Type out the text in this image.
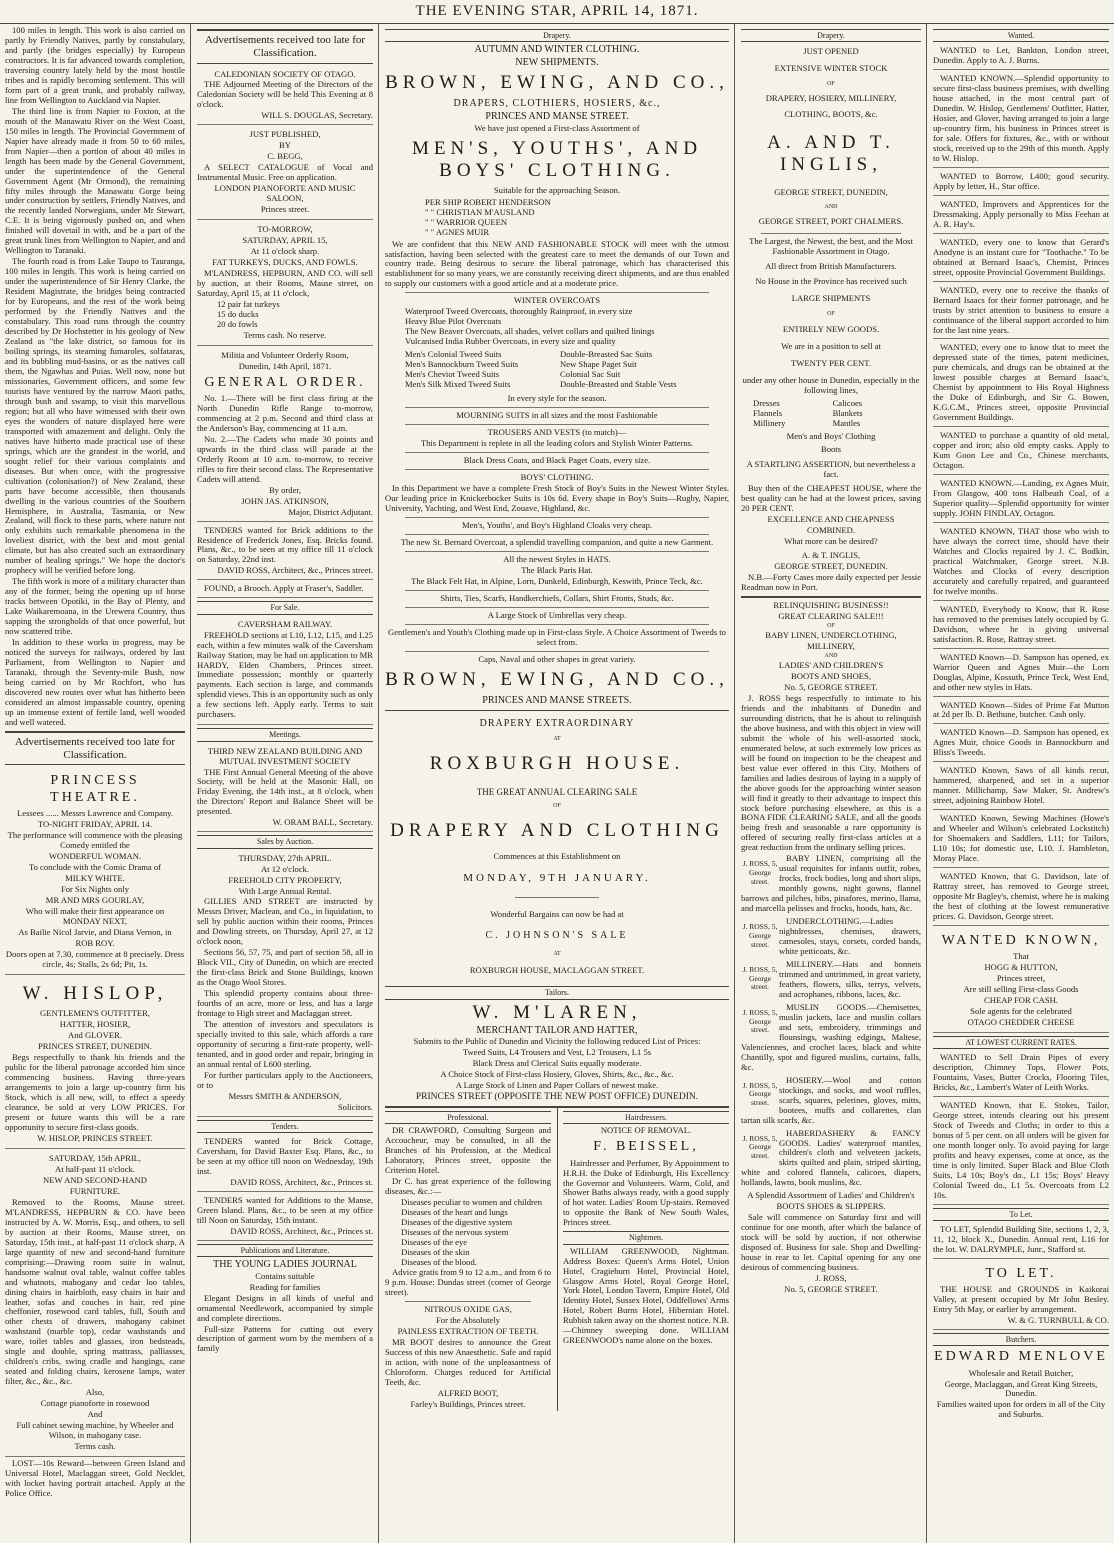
THE EVENING STAR, APRIL 14, 1871.

100 miles in length. This work is also carried on partly by Friendly Natives, partly by constabulary, and partly (the bridges especially) by European constructors. It is far advanced towards completion, traversing country lately held by the most hostile tribes and is rapidly becoming settlement. This will form part of a great trunk, and probably railway, line from Wellington to Auckland via Napier.

The third line is from Napier to Foxton, at the mouth of the Manawatu River on the West Coast, 150 miles in length. The Provincial Government of Napier have already made it from 50 to 60 miles, from Napier—then a portion of about 40 miles in length has been made by the General Government, under the superintendence of the General Government Agent (Mr Ormond), the remaining fifty miles through the Manawatu Gorge being under construction by settlers, Friendly Natives, and the recently landed Norwegians, under Mr Stewart, C.E. It is being vigorously pushed on, and when finished will dovetail in with, and be a part of the great trunk lines from Wellington to Napier, and and Wellington to Taranaki.

The fourth road is from Lake Taupo to Tauranga, 100 miles in length. This work is being carried on under the superintendence of Sir Henry Clarke, the Resident Magistrate, the bridges being contracted for by Europeans, and the rest of the work being performed by the Friendly Natives and the constabulary. This road runs through the country described by Dr Hochstetter in his geology of New Zealand as "the lake district, so famous for its boiling springs, its steaming fumaroles, solfataras, and its bubbling mud-basins, or as the natives call them, the Ngawhas and Puias. Well now, none but missionaries, Government officers, and some few tourists have ventured by the narrow Maori paths, through bush and swamp, to visit this marvellous region; but all who have witnessed with their own eyes the wonders of nature displayed here were transported with amazement and delight. Only the natives have hitherto made practical use of these springs, which are the grandest in the world, and sought relief for their various complaints and diseases. But when once, with the progressive cultivation (colonisation?) of New Zealand, these parts have become accessible, then thousands dwelling in the various countries of the Southern Hemisphere, in Australia, Tasmania, or New Zealand, will flock to these parts, where nature not only exhibits such remarkable phenomena in the loveliest district, with the best and most genial climate, but has also created such an extraordinary number of healing springs." We hope the doctor's prophecy will be verified before long.

The fifth work is more of a military character than any of the former, being the opening up of horse tracks between Opotiki, in the Bay of Plenty, and Lake Waikaremoana, in the Urewera Country, thus sapping the strongholds of that once powerful, but now scattered tribe.

In addition to these works in progress, may be noticed the surveys for railways, ordered by last Parliament, from Wellington to Napier and Taranaki, through the Seventy-mile Bush, now being carried on by Mr Rochfort, who has discovered new routes over what has hitherto been considered an almost impassable country, opening up an immense extent of fertile land, well wooded and well watered.

Advertisements received too late for Classification.
PRINCESS THEATRE.
Lessees ...... Messrs Lawrence and Company.
TO-NIGHT FRIDAY, APRIL 14.
The performance will commence with the pleasing Comedy entitled the
WONDERFUL WOMAN.
To conclude with the Comic Drama of
MILKY WHITE.
For Six Nights only
MR AND MRS GOURLAY,
Who will make their first appearance on
MONDAY NEXT,
As Bailie Nicol Jarvie, and Diana Vernon, in
ROB ROY.
Doors open at 7.30, commence at 8 precisely. Dress circle, 4s; Stalls, 2s 6d; Pit, 1s.
W. HISLOP,
GENTLEMEN'S OUTFITTER,
HATTER, HOSIER,
And GLOVER.
PRINCES STREET, DUNEDIN.

Begs respectfully to thank his friends and the public for the liberal patronage accorded him since commencing business. Having three-years arrangements to join a large up-country firm his Stock, which is all new, will, to effect a speedy clearance, be sold at very LOW PRICES. For present or future wants this will be a rare opportunity to secure first-class goods.

W. HISLOP, PRINCES STREET.
SATURDAY, 15th APRIL,
At half-past 11 o'clock.
NEW AND SECOND-HAND
FURNITURE.

Removed to the Rooms, Mause street. M'LANDRESS, HEPBURN & CO. have been instructed by A. W. Morris, Esq., and others, to sell by auction at their Rooms, Mause street, on Saturday, 15th inst., at half-past 11 o'clock sharp, A large quantity of new and second-hand furniture comprising:—Drawing room suite in walnut, handsome walnut oval table, walnut coffee tables and whatnots, mahogany and cedar loo tables, dining chairs in hairbloth, easy chairs in hair and leather, sofas and couches in hair, red pine cheffonier, rosewood card tables, full, South and other chests of drawers, mahogany cabinet washstand (marble top), cedar washstands and ware, toilet tables and glasses, iron bedsteads, single and double, spring mattrass, palliasses, children's cribs, swing cradle and hangings, cane seated and folding chairs, kerosene lamps, water filter, &c., &c., &c.

Also,
Cottage pianoforte in rosewood
And
Full cabinet sewing machine, by Wheeler and Wilson, in mahogany case.
Terms cash.

LOST—10s Reward—between Green Island and Universal Hotel, Maclaggan street, Gold Necklet, with locket having portrait attached. Apply at the Police Office.

Advertisements received too late for Classification.
CALEDONIAN SOCIETY OF OTAGO.

THE Adjourned Meeting of the Directors of the Caledonian Society will be held This Evening at 8 o'clock.

WILL S. DOUGLAS, Secretary.
JUST PUBLISHED,
BY
C. BEGG,

A SELECT CATALOGUE of Vocal and Instrumental Music. Free on application.

LONDON PIANOFORTE AND MUSIC SALOON,
Princes street.
TO-MORROW,
SATURDAY, APRIL 15,
At 11 o'clock sharp.
FAT TURKEYS, DUCKS, AND FOWLS.

M'LANDRESS, HEPBURN, AND CO. will sell by auction, at their Rooms, Mause street, on Saturday, April 15, at 11 o'clock,

12 pair fat turkeys
15 do ducks
20 do fowls
Terms cash. No reserve.
Militia and Volunteer Orderly Room,
Dunedin, 14th April, 1871.
GENERAL ORDER.

No. 1.—There will be first class firing at the North Dunedin Rifle Range to-morrow, commencing at 2 p.m. Second and third class at the Anderson's Bay, commencing at 11 a.m.

No. 2.—The Cadets who made 30 points and upwards in the third class will parade at the Orderly Room at 10 a.m. to-morrow, to receive rifles to fire their second class. The Representative Cadets will attend.

By order,
JOHN JAS. ATKINSON,
Major, District Adjutant.

TENDERS wanted for Brick additions to the Residence of Frederick Jones, Esq. Bricks found. Plans, &c., to be seen at my office till 11 o'clock on Saturday, 22nd inst.

DAVID ROSS, Architect, &c., Princes street.

FOUND, a Brooch. Apply at Fraser's, Saddler.

For Sale.
CAVERSHAM RAILWAY.

FREEHOLD sections at L10, L12, L15, and L25 each, within a few minutes walk of the Caversham Railway Station, may be had on application to MR HARDY, Elden Chambers, Princes street. Immediate possession; monthly or quarterly payments. Each section is large, and commands splendid views. This is an opportunity such as only a few sections left. Apply early. Terms to suit purchasers.

Meetings.
THIRD NEW ZEALAND BUILDING AND MUTUAL INVESTMENT SOCIETY

THE First Annual General Meeting of the above Society, will be held at the Masonic Hall, on Friday Evening, the 14th inst., at 8 o'clock, when the Directors' Report and Balance Sheet will be presented.

W. ORAM BALL, Secretary.
Sales by Auction.
THURSDAY, 27th APRIL.
At 12 o'clock.
FREEHOLD CITY PROPERTY,
With Large Annual Rental.

GILLIES AND STREET are instructed by Messrs Driver, Maclean, and Co., in liquidation, to sell by public auction within their rooms, Princes and Dowling streets, on Thursday, April 27, at 12 o'clock noon,

Sections 56, 57, 75, and part of section 58, all in Block VII., City of Dunedin, on which are erected the first-class Brick and Stone Buildings, known as the Otago Wool Stores.

This splendid property contains about three-fourths of an acre, more or less, and has a large frontage to High street and Maclaggan street.

The attention of investors and speculators is specially invited to this sale, which affords a rare opportunity of securing a first-rate property, well-tenanted, and in good order and repair, bringing in an annual rental of L600 sterling.

For further particulars apply to the Auctioneers, or to

Messrs SMITH & ANDERSON,
Solicitors.
Tenders.

TENDERS wanted for Brick Cottage, Caversham, for David Baxter Esq. Plans, &c., to be seen at my office till noon on Wednesday, 19th inst.

DAVID ROSS, Architect, &c., Princes st.

TENDERS wanted for Additions to the Manse, Green Island. Plans, &c., to be seen at my office till Noon on Saturday, 15th instant.

DAVID ROSS, Architect, &c., Princes st.
Publications and Literature.
THE YOUNG LADIES JOURNAL
Contains suitable
Reading for families

Elegant Designs in all kinds of useful and ornamental Needlework, accompanied by simple and complete directions.

Full-size Patterns for cutting out every description of garment worn by the members of a family

Drapery.
AUTUMN AND WINTER CLOTHING.
NEW SHIPMENTS.
BROWN, EWING, AND CO.,
DRAPERS, CLOTHIERS, HOSIERS, &c.,
PRINCES AND MANSE STREET.
We have just opened a First-class Assortment of
MEN'S, YOUTHS', AND BOYS' CLOTHING.
Suitable for the approaching Season.
PER SHIP ROBERT HENDERSON
" " CHRISTIAN M'AUSLAND
" " WARRIOR QUEEN
" " AGNES MUIR

We are confident that this NEW AND FASHIONABLE STOCK will meet with the utmost satisfaction, having been selected with the greatest care to meet the demands of our Town and country trade. Being desirous to secure the liberal patronage, which has characterised this establishment for so many years, we are constantly receiving direct shipments, and are thus enabled to supply our customers with a good article and at a moderate price.

WINTER OVERCOATS
Waterproof Tweed Overcoats, thoroughly Rainproof, in every size
Heavy Blue Pilot Overcoats
The New Beaver Overcoats, all shades, velvet collars and quilted linings
Vulcanised India Rubber Overcoats, in every size and quality
Men's Colonial Tweed Suits
Men's Bannockburn Tweed Suits
Men's Cheviot Tweed Suits
Men's Silk Mixed Tweed Suits
Double-Breasted Sac Suits
New Shape Paget Suit
Colonial Sac Suit
Double-Breasted and Stable Vests
In every style for the season.
MOURNING SUITS in all sizes and the most Fashionable
TROUSERS AND VESTS (to match)—
This Department is replete in all the leading colors and Stylish Winter Patterns.
Black Dress Coats, and Black Paget Coats, every size.
BOYS' CLOTHING.

In this Department we have a complete Fresh Stock of Boy's Suits in the Newest Winter Styles. Our leading price in Knickerbocker Suits is 10s 6d. Every shape in Boy's Suits—Rugby, Napier, University, Yachting, and West End, Zouave, Highland, &c.

Men's, Youths', and Boy's Highland Cloaks very cheap.
The new St. Bernard Overcoat, a splendid travelling companion, and quite a new Garment.
All the newest Styles in HATS.
The Black Paris Hat.
The Black Felt Hat, in Alpine, Lorn, Dunkeld, Edinburgh, Keswith, Prince Teck, &c.
Shirts, Ties, Scarfs, Handkerchiefs, Collars, Shirt Fronts, Studs, &c.
A Large Stock of Umbrellas very cheap.
Gentlemen's and Youth's Clothing made up in First-class Style. A Choice Assortment of Tweeds to select from.
Caps, Naval and other shapes in great variety.
BROWN, EWING, AND CO.,
PRINCES AND MANSE STREETS.
DRAPERY EXTRAORDINARY
AT
ROXBURGH HOUSE.
THE GREAT ANNUAL CLEARING SALE
OF
DRAPERY AND CLOTHING
Commences at this Establishment on
MONDAY, 9TH JANUARY.
Wonderful Bargains can now be had at
C. JOHNSON'S SALE
AT
ROXBURGH HOUSE, MACLAGGAN STREET.
Tailors.
W. M'LAREN,
MERCHANT TAILOR AND HATTER,
Submits to the Public of Dunedin and Vicinity the following reduced List of Prices:
Tweed Suits, L4 Trousers and Vest, L2 Trousers, L1 5s
Black Dress and Clerical Suits equally moderate.
A Choice Stock of First-class Hosiery, Gloves, Shirts, &c., &c., &c.
A Large Stock of Linen and Paper Collars of newest make.
PRINCES STREET (OPPOSITE THE NEW POST OFFICE) DUNEDIN.
Professional.

DR CRAWFORD, Consulting Surgeon and Accoucheur, may be consulted, in all the Branches of his Profession, at the Medical Laboratory, Princes street, opposite the Criterion Hotel.

Dr C. has great experience of the following diseases, &c.:—

Diseases peculiar to women and children
Diseases of the heart and lungs
Diseases of the digestive system
Diseases of the nervous system
Diseases of the eye
Diseases of the skin
Diseases of the blood.

Advice gratis from 9 to 12 a.m., and from 6 to 9 p.m. House: Dundas street (corner of George street).

NITROUS OXIDE GAS,
For the Absolutely
PAINLESS EXTRACTION OF TEETH.

MR BOOT desires to announce the Great Success of this new Anaesthetic. Safe and rapid in action, with none of the unpleasantness of Chloroform. Charges reduced for Artificial Teeth, &c.

ALFRED BOOT,
Farley's Buildings, Princes street.
Hairdressers.
NOTICE OF REMOVAL.
F. BEISSEL,

Hairdresser and Perfumer, By Appointment to H.R.H. the Duke of Edinburgh, His Excellency the Governor and Volunteers. Warm, Cold, and Shower Baths always ready, with a good supply of hot water. Ladies' Room Up-stairs. Removed to opposite the Bank of New South Wales, Princes street.

Nightmen.

WILLIAM GREENWOOD, Nightman. Address Boxes: Queen's Arms Hotel, Union Hotel, Cragieburn Hotel, Provincial Hotel, Glasgow Arms Hotel, Royal George Hotel, York Hotel, London Tavern, Empire Hotel, Old Identity Hotel, Sussex Hotel, Oddfellows' Arms Hotel, Robert Burns Hotel, Hibernian Hotel. Rubbish taken away on the shortest notice. N.B.—Chimney sweeping done. WILLIAM GREENWOOD's name alone on the boxes.

Drapery.
JUST OPENED
EXTENSIVE WINTER STOCK
OF
DRAPERY, HOSIERY, MILLINERY,
CLOTHING, BOOTS, &c.
A. AND T. INGLIS,
GEORGE STREET, DUNEDIN,
AND
GEORGE STREET, PORT CHALMERS.
The Largest, the Newest, the best, and the Most Fashionable Assortment in Otago.
All direct from British Manufacturers.
No House in the Province has received such
LARGE SHIPMENTS
OF
ENTIRELY NEW GOODS.
We are in a position to sell at
TWENTY PER CENT.
under any other house in Dunedin, especially in the following lines,
Dresses
Flannels
Millinery
Calicoes
Blankets
Mantles
Men's and Boys' Clothing
Boots
A STARTLING ASSERTION, but nevertheless a fact.

Buy then of the CHEAPEST HOUSE, where the best quality can be had at the lowest prices, saving 20 PER CENT.

EXCELLENCE AND CHEAPNESS
COMBINED.
What more can be desired?
A. & T. INGLIS,
GEORGE STREET, DUNEDIN.

N.B.—Forty Cases more daily expected per Jessie Readman now in Port.

RELINQUISHING BUSINESS!!
GREAT CLEARING SALE!!!
OF
BABY LINEN, UNDERCLOTHING,
MILLINERY,
AND
LADIES' AND CHILDREN'S
BOOTS AND SHOES,
No. 5, GEORGE STREET.

J. ROSS begs respectfully to intimate to his friends and the inhabitants of Dunedin and surrounding districts, that he is about to relinquish the above business, and with this object in view will submit the whole of his well-assorted stock, enumerated below, at such extremely low prices as will be found on inspection to be the cheapest and best value ever offered in this City. Mothers of families and ladies desirous of laying in a supply of the above goods for the approaching winter season will find it greatly to their advantage to inspect this stock before purchasing elsewhere, as this is a BONA FIDE CLEARING SALE, and all the goods being fresh and seasonable a rare opportunity is offered of securing really first-class articles at a great reduction from the ordinary selling prices.

J. ROSS, 5, George street.

BABY LINEN, comprising all the usual requisites for infants outfit, robes, frocks, frock bodies, long and short slips, monthly gowns, night gowns, flannel barrows and pilches, bibs, pinafores, merino, llama, and marcella pelisses and frocks, hoods, hats, &c.

J. ROSS, 5, George street.

UNDERCLOTHING.—Ladies nightdresses, chemises, drawers, camesoles, stays, corsets, corded bands, white petticoats, &c.

J. ROSS, 5, George street.

MILLINERY.—Hats and bonnets trimmed and untrimmed, in great variety, feathers, flowers, silks, terrys, velvets, and acrophanes, ribbons, laces, &c.

J. ROSS, 5, George street.

MUSLIN GOODS.—Chemisettes, muslin jackets, lace and muslin collars and sets, embroidery, trimmings and flounsings, washing edgings, Maltese, Valenciennes, and crochet laces, black and white Chantilly, spot and figured muslins, curtains, falls, &c.

J. ROSS, 5, George street.

HOSIERY.—Wool and cotton stockings, and socks, and wool ruffles, scarfs, squares, pelerines, gloves, mitts, bootees, muffs and collarettes, clan tartan silk scarfs, &c.

J. ROSS, 5, George street.

HABERDASHERY & FANCY GOODS. Ladies' waterproof mantles, children's cloth and velveteen jackets, skirts quilted and plain, striped skirting, white and colored flannels, calicoes, diapers, hollands, lawns, book muslins, &c.

A Splendid Assortment of Ladies' and Children's
BOOTS SHOES & SLIPPERS.

Sale will commence on Saturday first and will continue for one month, after which the balance of stock will be sold by auction, if not otherwise disposed of. Business for sale. Shop and Dwelling-house in rear to let. Capital opening for any one desirous of commencing business.

J. ROSS,
No. 5, GEORGE STREET.
Wanted.

WANTED to Let, Bankton, London street, Dunedin. Apply to A. J. Burns.

WANTED KNOWN.—Splendid opportunity to secure first-class business premises, with dwelling house attached, in the most central part of Dunedin. W. Hislop, Gentlemens' Outfitter, Hatter, Hosier, and Glover, having arranged to join a large up-country firm, his business in Princes street is for sale. Offers for fixtures, &c., with or without stock, received up to the 29th of this month. Apply to W. Hislop.

WANTED to Borrow, L400; good security. Apply by letter, H., Star office.

WANTED, Improvers and Apprentices for the Dressmaking. Apply personally to Miss Feehan at A. R. Hay's.

WANTED, every one to know that Gerard's Anodyne is an instant cure for "Toothache." To be obtained at Bernard Isaac's, Chemist, Princes street, opposite Provincial Government Buildings.

WANTED, every one to receive the thanks of Bernard Isaacs for their former patronage, and he trusts by strict attention to business to ensure a continuance of the liberal support accorded to him for the last nine years.

WANTED, every one to know that to meet the depressed state of the times, patent medicines, pure chemicals, and drugs can be obtained at the lowest possible charges at Bernard Isaac's, Chemist by appointment to His Royal Highness the Duke of Edinburgh, and Sir G. Bowen, K.G.C.M., Princes street, opposite Provincial Government Buildings.

WANTED to purchase a quantity of old metal, copper and iron; also old empty casks. Apply to Kum Goon Lee and Co., Chinese merchants, Octagon.

WANTED KNOWN.—Landing, ex Agnes Muir, From Glasgow, 400 tons Halbeath Coal, of a Superior quality—Splendid opportunity for winter supply. JOHN FINDLAY, Octagon.

WANTED KNOWN, THAT those who wish to have always the correct time, should have their Watches and Clocks repaired by J. C. Bodkin, practical Watchmaker, George street. N.B. Watches and Clocks of every description accurately and carefully repaired, and guaranteed for twelve months.

WANTED, Everybody to Know, that R. Rose has removed to the premises lately occupied by G. Davidson, where he is giving universal satisfaction. R. Rose, Rattray street.

WANTED Known—D. Sampson has opened, ex Warrior Queen and Agnes Muir—the Lorn Douglas, Alpine, Kossuth, Prince Teck, West End, and other new styles in Hats.

WANTED Known—Sides of Prime Fat Mutton at 2d per lb. D. Bethune, butcher. Cash only.

WANTED Known—D. Sampson has opened, ex Agnes Muir, choice Goods in Bannockburn and Bliss's Tweeds.

WANTED Known, Saws of all kinds recut, hammered, sharpened, and set in a superior manner. Millichamp, Saw Maker, St. Andrew's street, adjoining Rainbow Hotel.

WANTED Known, Sewing Machines (Howe's and Wheeler and Wilson's celebrated Lockstitch) for Shoemakers and Saddlers, L11; for Tailors, L10 10s; for domestic use, L10. J. Hambleton, Moray Place.

WANTED Known, that G. Davidson, late of Rattray street, has removed to George street, opposite Mr Bagley's, chemist, where he is making the best of clothing at the lowest remunerative prices. G. Davidson, George street.

WANTED KNOWN,
That
HOGG & HUTTON,
Princes street,
Are still selling First-class Goods
CHEAP FOR CASH.
Sole agents for the celebrated
OTAGO CHEDDER CHEESE
AT LOWEST CURRENT RATES.

WANTED to Sell Drain Pipes of every description, Chimney Tops, Flower Pots, Fountains, Vases, Butter Crocks, Flooring Tiles, Bricks, &c., Lambert's Water of Leith Works.

WANTED Known, that E. Stokes, Tailor, George street, intends clearing out his present Stock of Tweeds and Cloths; in order to this a bonus of 5 per cent. on all orders will be given for one month longer only. To avoid paying for large profits and heavy expenses, come at once, as the time is only limited. Super Black and Blue Cloth Suits, L4 10s; Boy's do., L1 15s; Boys' Heavy Colonial Tweed do., L1 5s. Overcoats from L2 10s.

To Let.

TO LET, Splendid Building Site, sections 1, 2, 3, 11, 12, block X., Dunedin. Annual rent, L16 for the lot. W. DALRYMPLE, Junr., Stafford st.

TO LET.

THE HOUSE and GROUNDS in Kaikorai Valley, at present occupied by Mr John Besley. Entry 5th May, or earlier by arrangement.

W. & G. TURNBULL & CO.
Butchers.
EDWARD MENLOVE
Wholesale and Retail Butcher,
George, Maclaggan, and Great King Streets, Dunedin.
Families waited upon for orders in all of the City and Suburbs.
